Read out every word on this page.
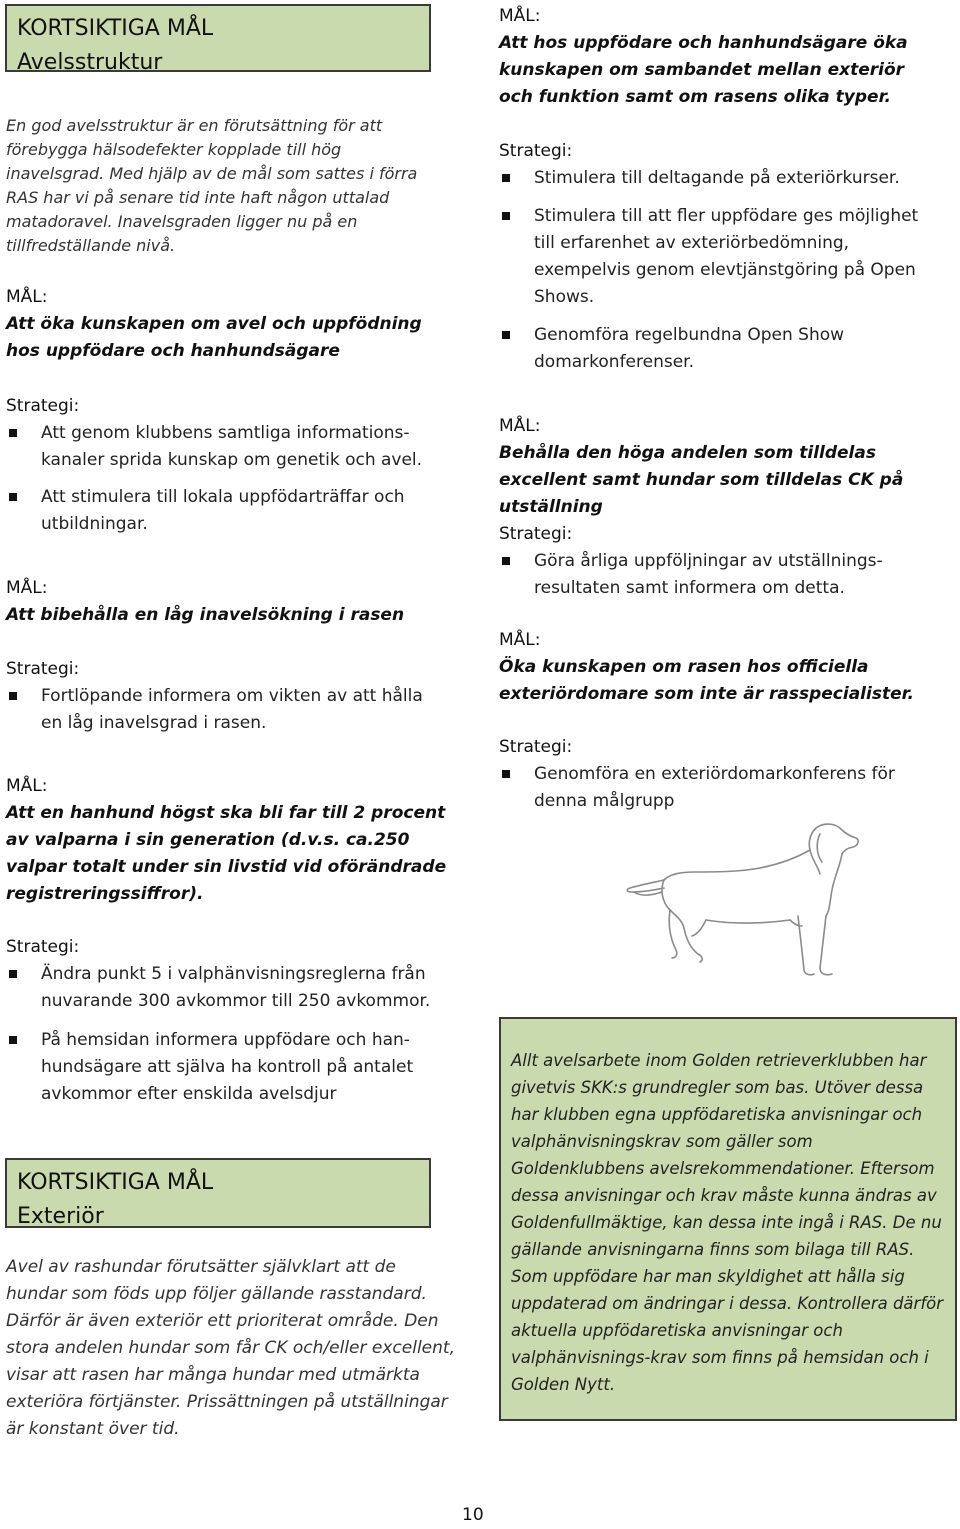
KORTSIKTIGA MÅL
Avelsstruktur

En god avelsstruktur är en förutsättning för att förebygga hälsodefekter kopplade till hög inavelsgrad. Med hjälp av de mål som sattes i förra RAS har vi på senare tid inte haft någon uttalad matadoravel. Inavelsgraden ligger nu på en tillfredställande nivå.

MÅL:

Att öka kunskapen om avel och uppfödning hos uppfödare och hanhundsägare

Strategi:

Att genom klubbens samtliga informations-kanaler sprida kunskap om genetik och avel.

Att stimulera till lokala uppfödarträffar och utbildningar.

MÅL:

Att bibehålla en låg inavelsökning i rasen

Strategi:

Fortlöpande informera om vikten av att hålla en låg inavelsgrad i rasen.

MÅL:

Att en hanhund högst ska bli far till 2 procent av valparna i sin generation (d.v.s. ca.250 valpar totalt under sin livstid vid oförändrade registreringssiffror).

Strategi:

Ändra punkt 5 i valphänvisningsreglerna från nuvarande 300 avkommor till 250 avkommor.

På hemsidan informera uppfödare och han-hundsägare att själva ha kontroll på antalet avkommor efter enskilda avelsdjur

KORTSIKTIGA MÅL
Exteriör

Avel av rashundar förutsätter självklart att de hundar som föds upp följer gällande rasstandard. Därför är även exteriör ett prioriterat område. Den stora andelen hundar som får CK och/eller excellent, visar att rasen har många hundar med utmärkta exteriöra förtjänster. Prissättningen på utställningar är konstant över tid.

MÅL:

Att hos uppfödare och hanhundsägare öka kunskapen om sambandet mellan exteriör och funktion samt om rasens olika typer.

Strategi:

Stimulera till deltagande på exteriörkurser.

Stimulera till att fler uppfödare ges möjlighet till erfarenhet av exteriörbedömning, exempelvis genom elevtjänstgöring på Open Shows.

Genomföra regelbundna Open Show domarkonferenser.

MÅL:

Behålla den höga andelen som tilldelas excellent samt hundar som tilldelas CK på utställning

Strategi:

Göra årliga uppföljningar av utställnings-resultaten samt informera om detta.

MÅL:

Öka kunskapen om rasen hos officiella exteriördomare som inte är rasspecialister.

Strategi:

Genomföra en exteriördomarkonferens för denna målgrupp

Allt avelsarbete inom Golden retrieverklubben har givetvis SKK:s grundregler som bas. Utöver dessa har klubben egna uppfödaretiska anvisningar och valphänvisningskrav som gäller som Goldenklubbens avelsrekommendationer. Eftersom dessa anvisningar och krav måste kunna ändras av Goldenfullmäktige, kan dessa inte ingå i RAS. De nu gällande anvisningarna finns som bilaga till RAS. Som uppfödare har man skyldighet att hålla sig uppdaterad om ändringar i dessa. Kontrollera därför aktuella uppfödaretiska anvisningar och valphänvisnings-krav som finns på hemsidan och i Golden Nytt.

10
